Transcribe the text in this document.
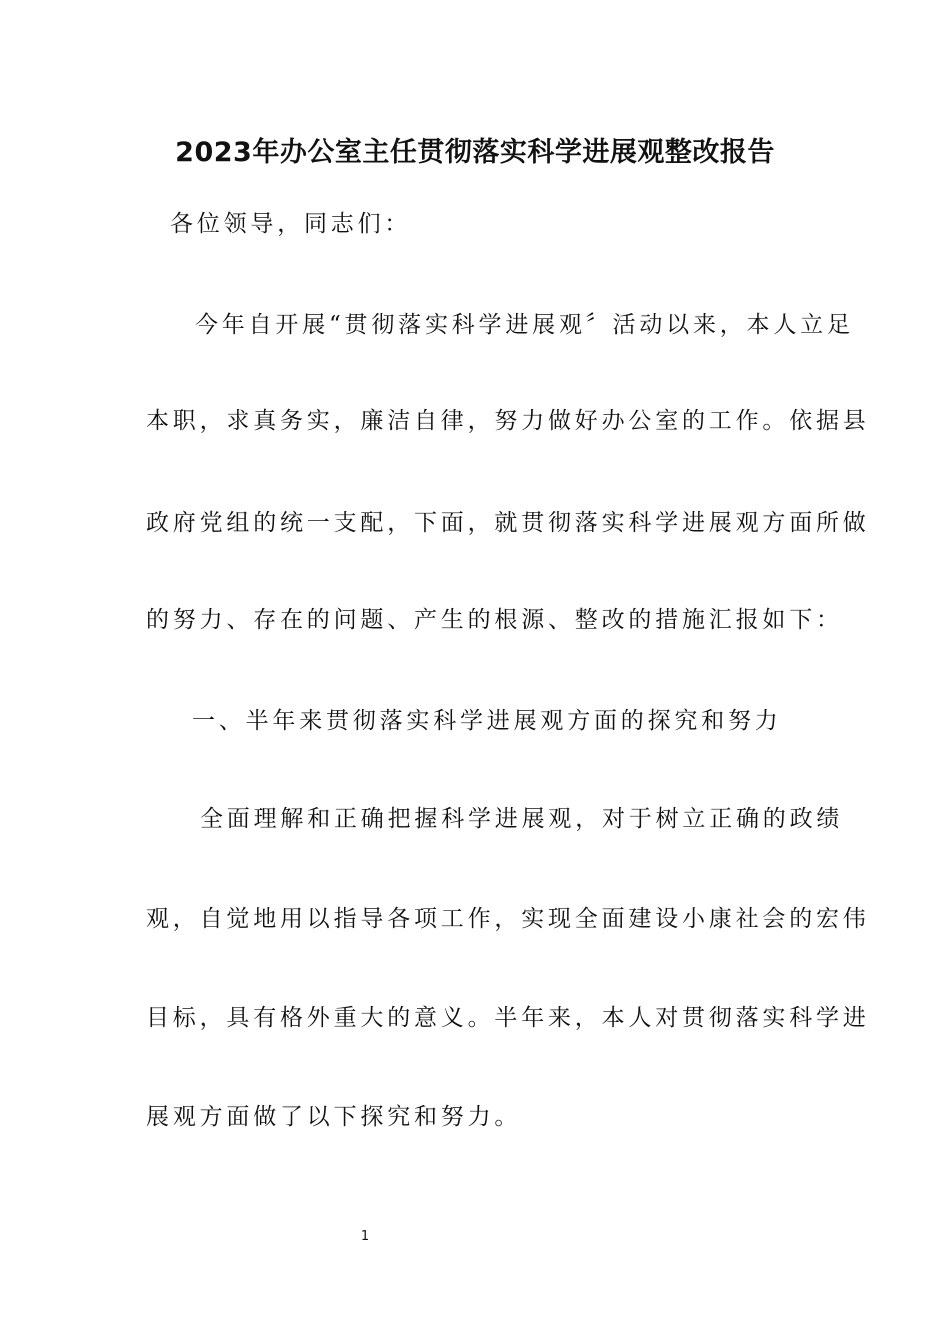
2023年办公室主任贯彻落实科学进展观整改报告

各位领导，同志们：

今年自开展“贯彻落实科学进展观〞活动以来，本人立足

本职，求真务实，廉洁自律，努力做好办公室的工作。依据县

政府党组的统一支配，下面，就贯彻落实科学进展观方面所做

的努力、存在的问题、产生的根源、整改的措施汇报如下：

一、半年来贯彻落实科学进展观方面的探究和努力

全面理解和正确把握科学进展观，对于树立正确的政绩

观，自觉地用以指导各项工作，实现全面建设小康社会的宏伟

目标，具有格外重大的意义。半年来，本人对贯彻落实科学进

展观方面做了以下探究和努力。

1
